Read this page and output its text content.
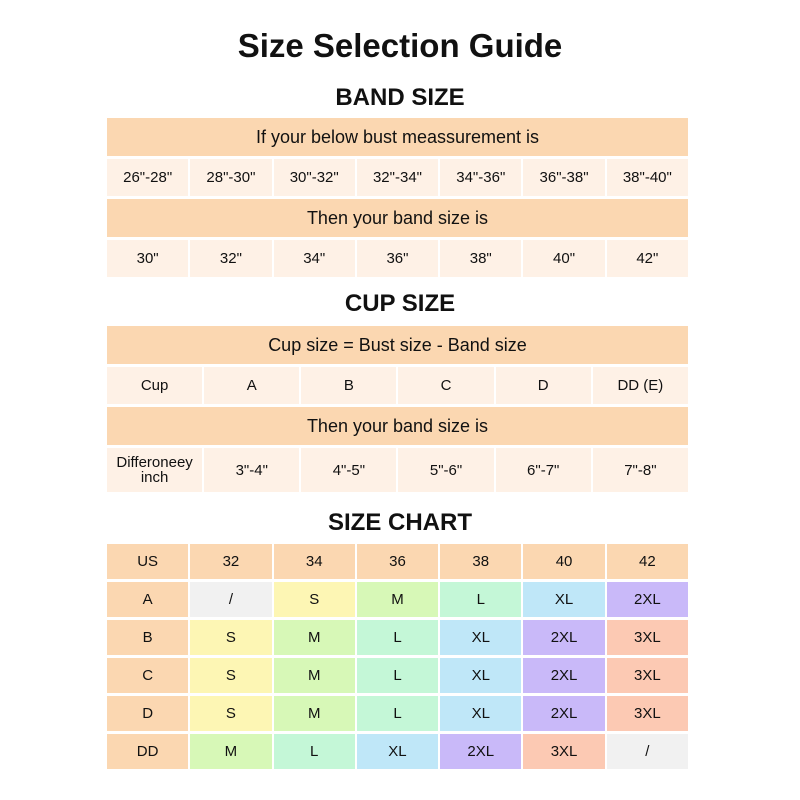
Size Selection Guide
BAND SIZE
If your below bust meassurement is						

26"-28"	28"-30"	30"-32"	32"-34"	34"-36"	36"-38"	38"-40"

Then your band size is						

30"	32"	34"	36"	38"	40"	42"
CUP SIZE
Cup size = Bust size - Band size					

Cup	A	B	C	D	DD (E)

Then your band size is					

Differoneey
inch	3"-4"	4"-5"	5"-6"	6"-7"	7"-8"
SIZE CHART
US	32	34	36	38	40	42
A	/	S	M	L	XL	2XL
B	S	M	L	XL	2XL	3XL
C	S	M	L	XL	2XL	3XL
D	S	M	L	XL	2XL	3XL
DD	M	L	XL	2XL	3XL	/
